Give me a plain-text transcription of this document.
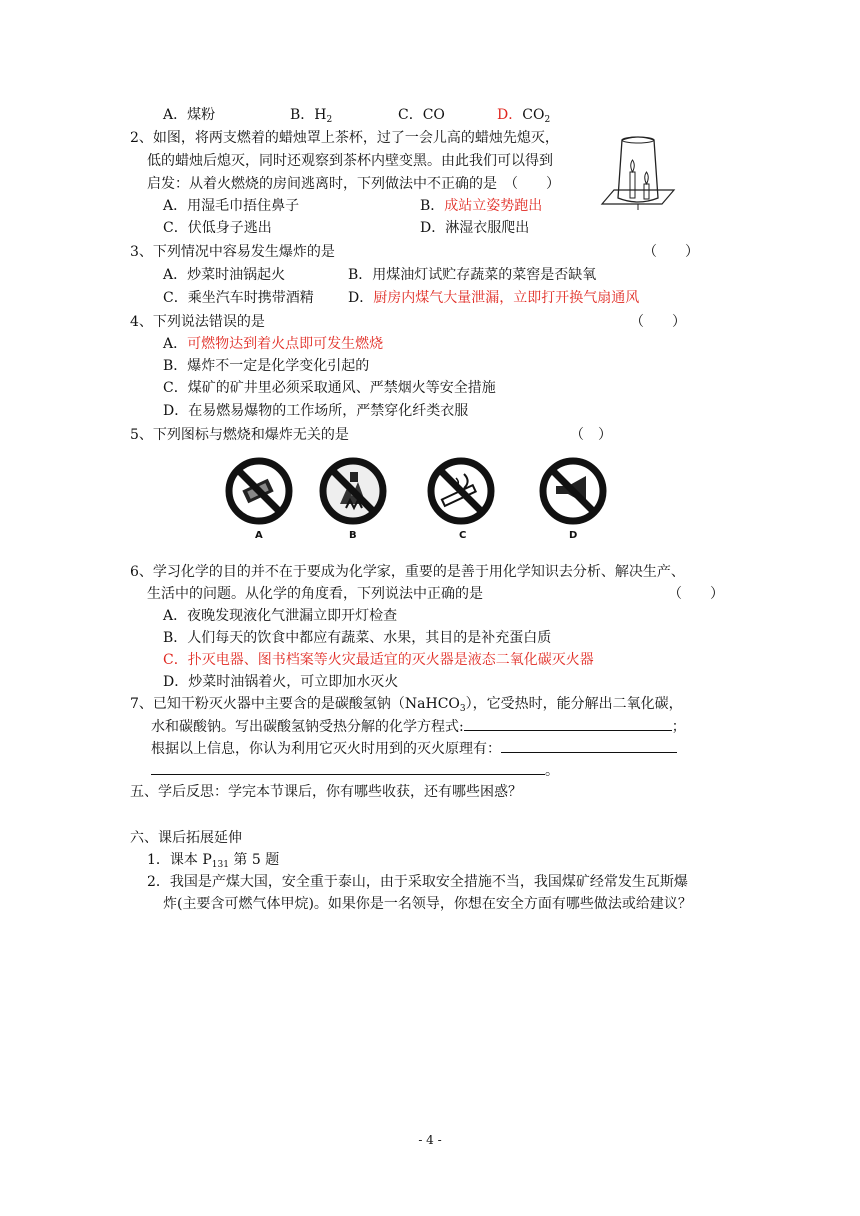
A．煤粉	B．$H_2$	C．CO	D．$CO_2$
2、如图，将两支燃着的蜡烛罩上茶杯，过了一会儿高的蜡烛先熄灭，
低的蜡烛后熄灭，同时还观察到茶杯内壁变黑。由此我们可以得到
启发：从着火燃烧的房间逃离时，下列做法中不正确的是　（　　）
A．用湿毛巾捂住鼻子	B．成站立姿势跑出
C．伏低身子逃出	D．淋湿衣服爬出
3、下列情况中容易发生爆炸的是	（　　）
A．炒菜时油锅起火	B．用煤油灯试贮存蔬菜的菜窖是否缺氧
C．乘坐汽车时携带酒精 D．厨房内煤气大量泄漏，立即打开换气扇通风
4、下列说法错误的是	（　　）
A．可燃物达到着火点即可发生燃烧
B．爆炸不一定是化学变化引起的
C．煤矿的矿井里必须采取通风、严禁烟火等安全措施
D．在易燃易爆物的工作场所，严禁穿化纤类衣服
5、下列图标与燃烧和爆炸无关的是	（　）
A	B	C	D
6、学习化学的目的并不在于要成为化学家，重要的是善于用化学知识去分析、解决生产、
生活中的问题。从化学的角度看，下列说法中正确的是	（　　）
A．夜晚发现液化气泄漏立即开灯检查
B．人们每天的饮食中都应有蔬菜、水果，其目的是补充蛋白质
C．扑灭电器、图书档案等火灾最适宜的灭火器是液态二氧化碳灭火器
D．炒菜时油锅着火，可立即加水灭火
7、已知干粉灭火器中主要含的是碳酸氢钠（NaHCO$_3$），它受热时，能分解出二氧化碳，
水和碳酸钠。写出碳酸氢钠受热分解的化学方程式:	；
根据以上信息，你认为利用它灭火时用到的灭火原理有：
。
五、学后反思：学完本节课后，你有哪些收获，还有哪些困惑？
六、课后拓展延伸
1．课本 $P_{131}$ 第 5 题
2．我国是产煤大国，安全重于泰山，由于采取安全措施不当，我国煤矿经常发生瓦斯爆
炸(主要含可燃气体甲烷)。如果你是一名领导，你想在安全方面有哪些做法或给建议？
- 4 -
